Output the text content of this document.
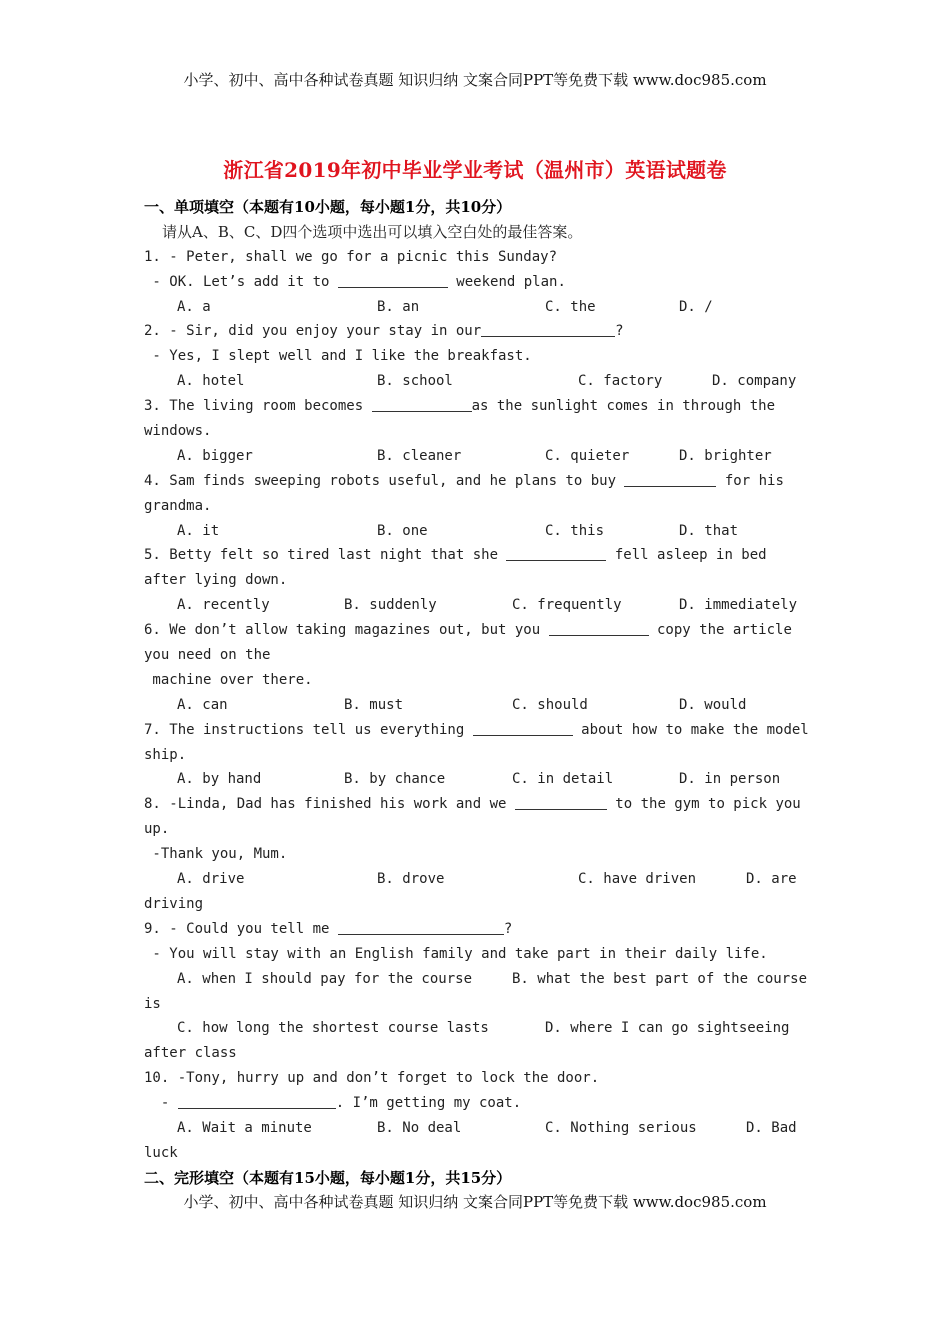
小学、初中、高中各种试卷真题 知识归纳 文案合同PPT等免费下载 www.doc985.com
浙江省2019年初中毕业学业考试（温州市）英语试题卷
一、单项填空（本题有10小题，每小题1分，共10分）
请从A、B、C、D四个选项中选出可以填入空白处的最佳答案。
1. - Peter, shall we go for a picnic this Sunday?
- OK. Let’s add it to	weekend plan.
A. a	B. an	C. the	D. /
2. - Sir, did you enjoy your stay in our	?
- Yes, I slept well and I like the breakfast.
A. hotel	B. school	C. factory	D. company
3. The living room becomes	as the sunlight comes in through the
windows.
A. bigger	B. cleaner	C. quieter	D. brighter
4. Sam finds sweeping robots useful, and he plans to buy	for his
grandma.
A. it	B. one	C. this	D. that
5. Betty felt so tired last night that she	fell asleep in bed
after lying down.
A. recently	B. suddenly	C. frequently	D. immediately
6. We don’t allow taking magazines out, but you	copy the article
you need on the
machine over there.
A. can	B. must	C. should	D. would
7. The instructions tell us everything	about how to make the model
ship.
A. by hand	B. by chance	C. in detail	D. in person
8. -Linda, Dad has finished his work and we	to the gym to pick you
up.
-Thank you, Mum.
A. drive	B. drove	C. have driven	D. are
driving
9. - Could you tell me	?
- You will stay with an English family and take part in their daily life.
A. when I should pay for the course	B. what the best part of the course
is
C. how long the shortest course lasts	D. where I can go sightseeing
after class
10. -Tony, hurry up and don’t forget to lock the door.
-	. I’m getting my coat.
A. Wait a minute	B. No deal	C. Nothing serious	D. Bad
luck
二、完形填空（本题有15小题，每小题1分，共15分）
小学、初中、高中各种试卷真题 知识归纳 文案合同PPT等免费下载 www.doc985.com
